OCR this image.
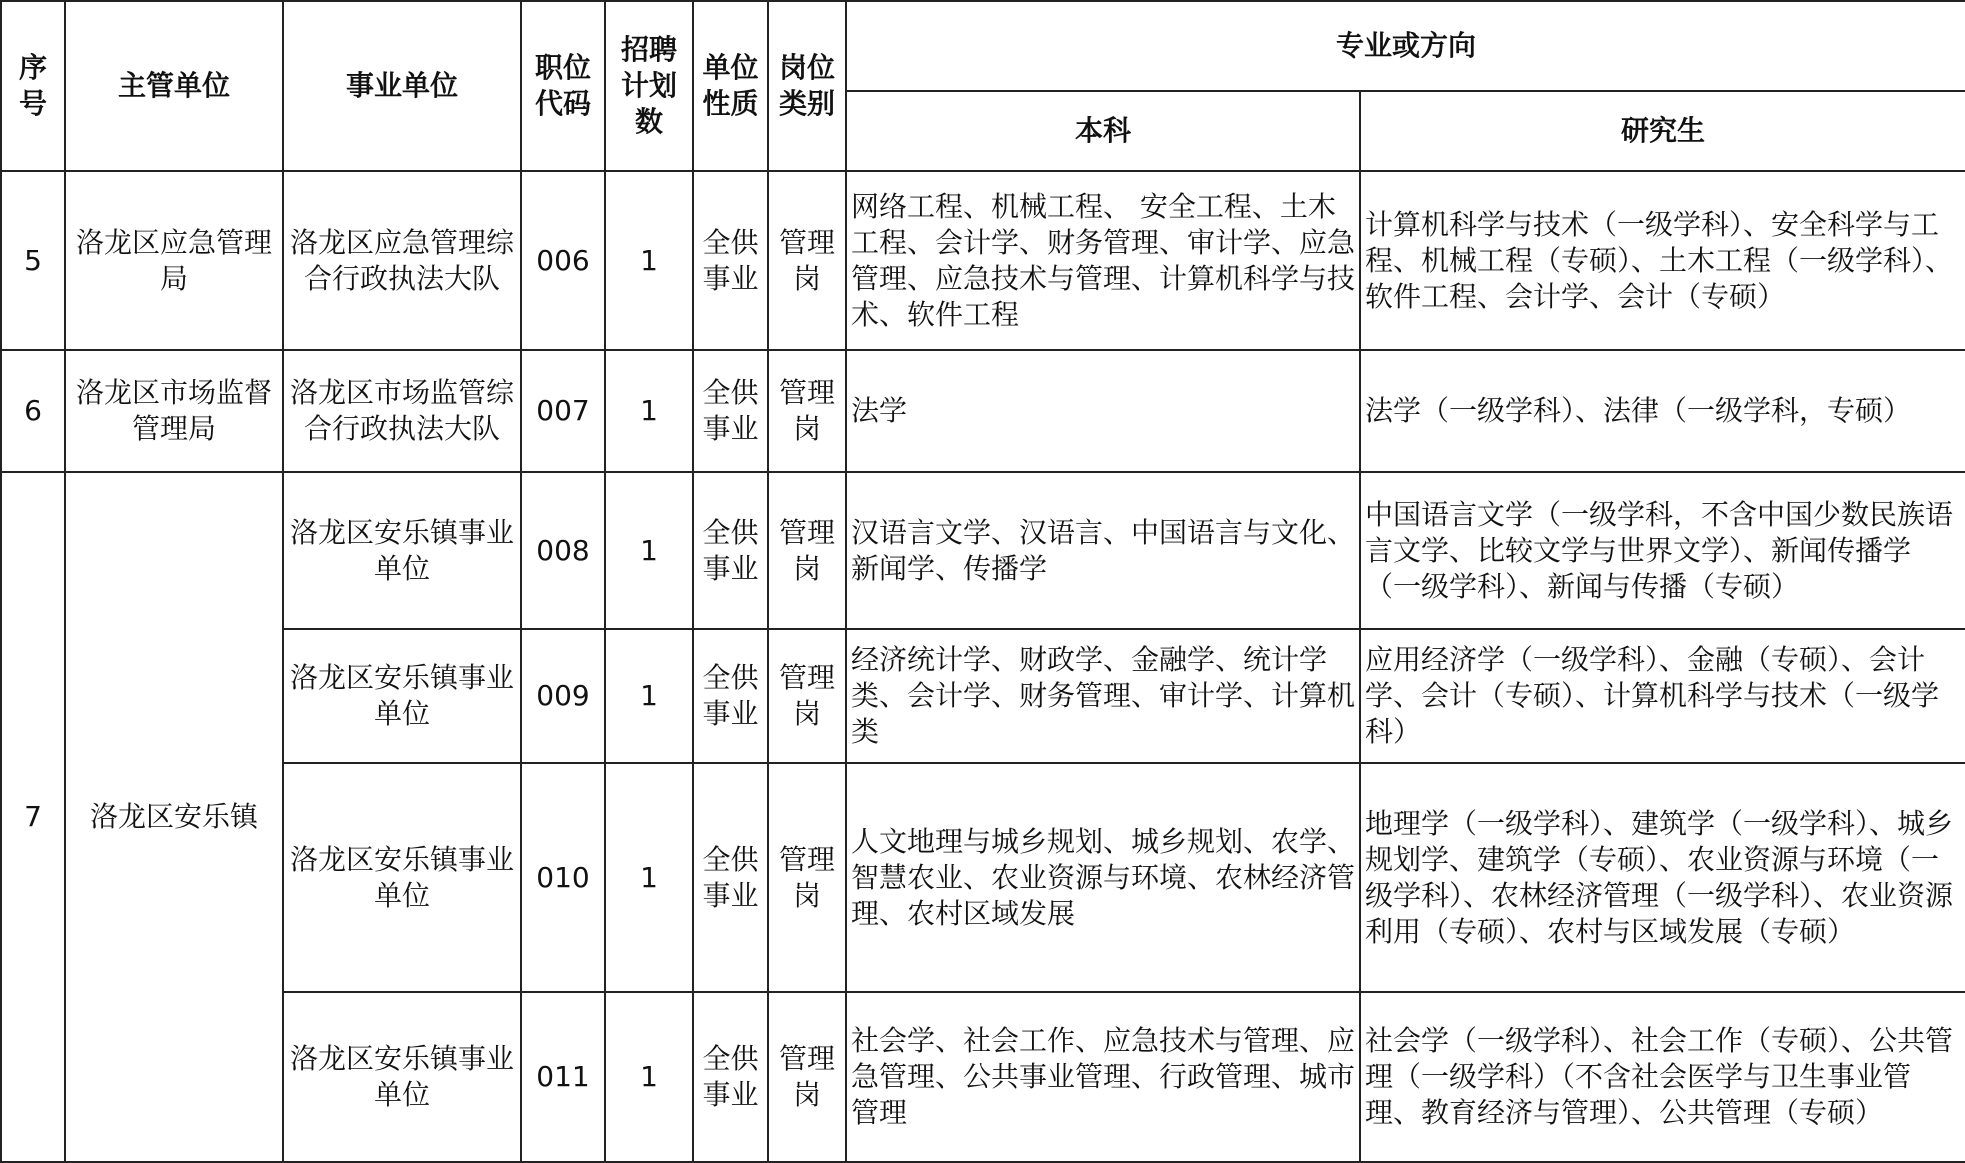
序号	主管单位	事业单位	职位代码	招聘计划数	单位性质	岗位类别	专业或方向	
							本科	研究生
5	洛龙区应急管理局	洛龙区应急管理综合行政执法大队	006	1	全供事业	管理岗	网络工程、机械工程、 安全工程、土木工程、会计学、财务管理、审计学、应急管理、应急技术与管理、计算机科学与技术、软件工程	计算机科学与技术（一级学科）、安全科学与工程、机械工程（专硕）、土木工程（一级学科）、软件工程、会计学、会计（专硕）
6	洛龙区市场监督管理局	洛龙区市场监管综合行政执法大队	007	1	全供事业	管理岗	法学	法学（一级学科）、法律（一级学科，专硕）
7	洛龙区安乐镇	洛龙区安乐镇事业单位	008	1	全供事业	管理岗	汉语言文学、汉语言、中国语言与文化、新闻学、传播学	中国语言文学（一级学科，不含中国少数民族语言文学、比较文学与世界文学）、新闻传播学（一级学科）、新闻与传播（专硕）
		洛龙区安乐镇事业单位	009	1	全供事业	管理岗	经济统计学、财政学、金融学、统计学类、会计学、财务管理、审计学、计算机类	应用经济学（一级学科）、金融（专硕）、会计学、会计（专硕）、计算机科学与技术（一级学科）
		洛龙区安乐镇事业单位	010	1	全供事业	管理岗	人文地理与城乡规划、城乡规划、农学、智慧农业、农业资源与环境、农林经济管理、农村区域发展	地理学（一级学科）、建筑学（一级学科）、城乡规划学、建筑学（专硕）、农业资源与环境（一级学科）、农林经济管理（一级学科）、农业资源利用（专硕）、农村与区域发展（专硕）
		洛龙区安乐镇事业单位	011	1	全供事业	管理岗	社会学、社会工作、应急技术与管理、应急管理、公共事业管理、行政管理、城市管理	社会学（一级学科）、社会工作（专硕）、公共管理（一级学科）（不含社会医学与卫生事业管理、教育经济与管理）、公共管理（专硕）
